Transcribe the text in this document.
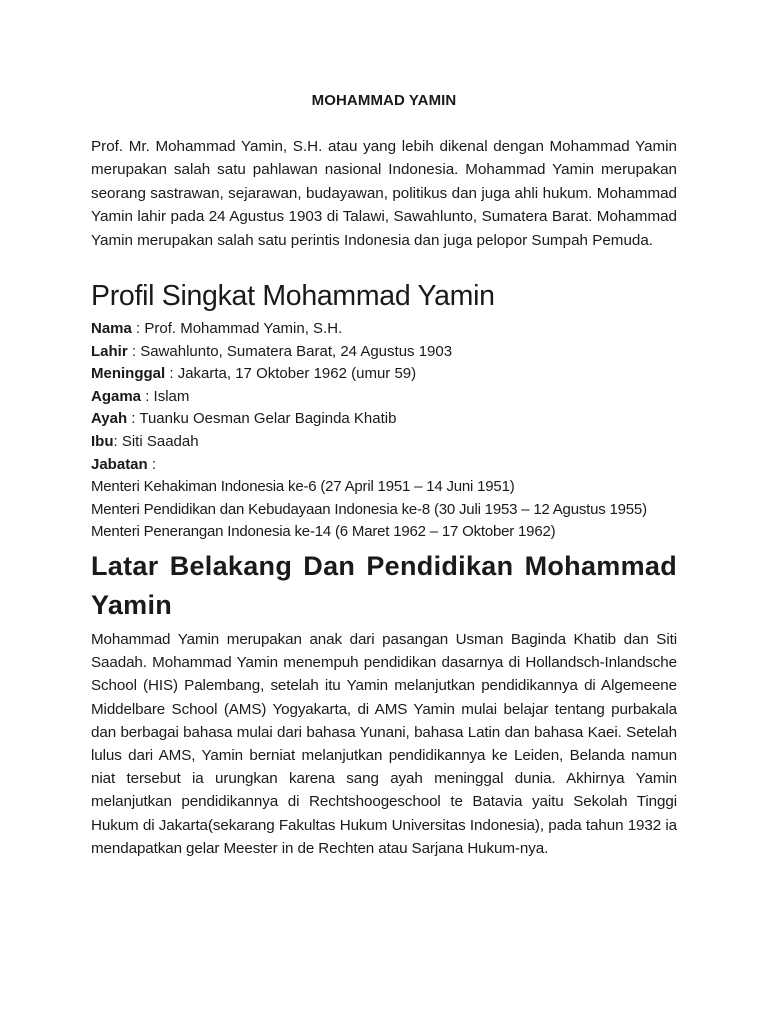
MOHAMMAD YAMIN

Prof. Mr. Mohammad Yamin, S.H. atau yang lebih dikenal dengan Mohammad Yamin merupakan salah satu pahlawan nasional Indonesia. Mohammad Yamin merupakan seorang sastrawan, sejarawan, budayawan, politikus dan juga ahli hukum. Mohammad Yamin lahir pada 24 Agustus 1903 di Talawi, Sawahlunto, Sumatera Barat. Mohammad Yamin merupakan salah satu perintis Indonesia dan juga pelopor Sumpah Pemuda.

Profil Singkat Mohammad Yamin
Nama : Prof. Mohammad Yamin, S.H.
Lahir : Sawahlunto, Sumatera Barat, 24 Agustus 1903
Meninggal : Jakarta, 17 Oktober 1962 (umur 59)
Agama : Islam
Ayah : Tuanku Oesman Gelar Baginda Khatib
Ibu: Siti Saadah
Jabatan :
Menteri Kehakiman Indonesia ke-6 (27 April 1951 – 14 Juni 1951)
Menteri Pendidikan dan Kebudayaan Indonesia ke-8 (30 Juli 1953 – 12 Agustus 1955)
Menteri Penerangan Indonesia ke-14 (6 Maret 1962 – 17 Oktober 1962)
Latar Belakang Dan Pendidikan Mohammad Yamin

Mohammad Yamin merupakan anak dari pasangan Usman Baginda Khatib dan Siti Saadah. Mohammad Yamin menempuh pendidikan dasarnya di Hollandsch-Inlandsche School (HIS) Palembang, setelah itu Yamin melanjutkan pendidikannya di Algemeene Middelbare School (AMS) Yogyakarta, di AMS Yamin mulai belajar tentang purbakala dan berbagai bahasa mulai dari bahasa Yunani, bahasa Latin dan bahasa Kaei. Setelah lulus dari AMS, Yamin berniat melanjutkan pendidikannya ke Leiden, Belanda namun niat tersebut ia urungkan karena sang ayah meninggal dunia. Akhirnya Yamin melanjutkan pendidikannya di Rechtshoogeschool te Batavia yaitu Sekolah Tinggi Hukum di Jakarta(sekarang Fakultas Hukum Universitas Indonesia), pada tahun 1932 ia mendapatkan gelar Meester in de Rechten atau Sarjana Hukum-nya.
